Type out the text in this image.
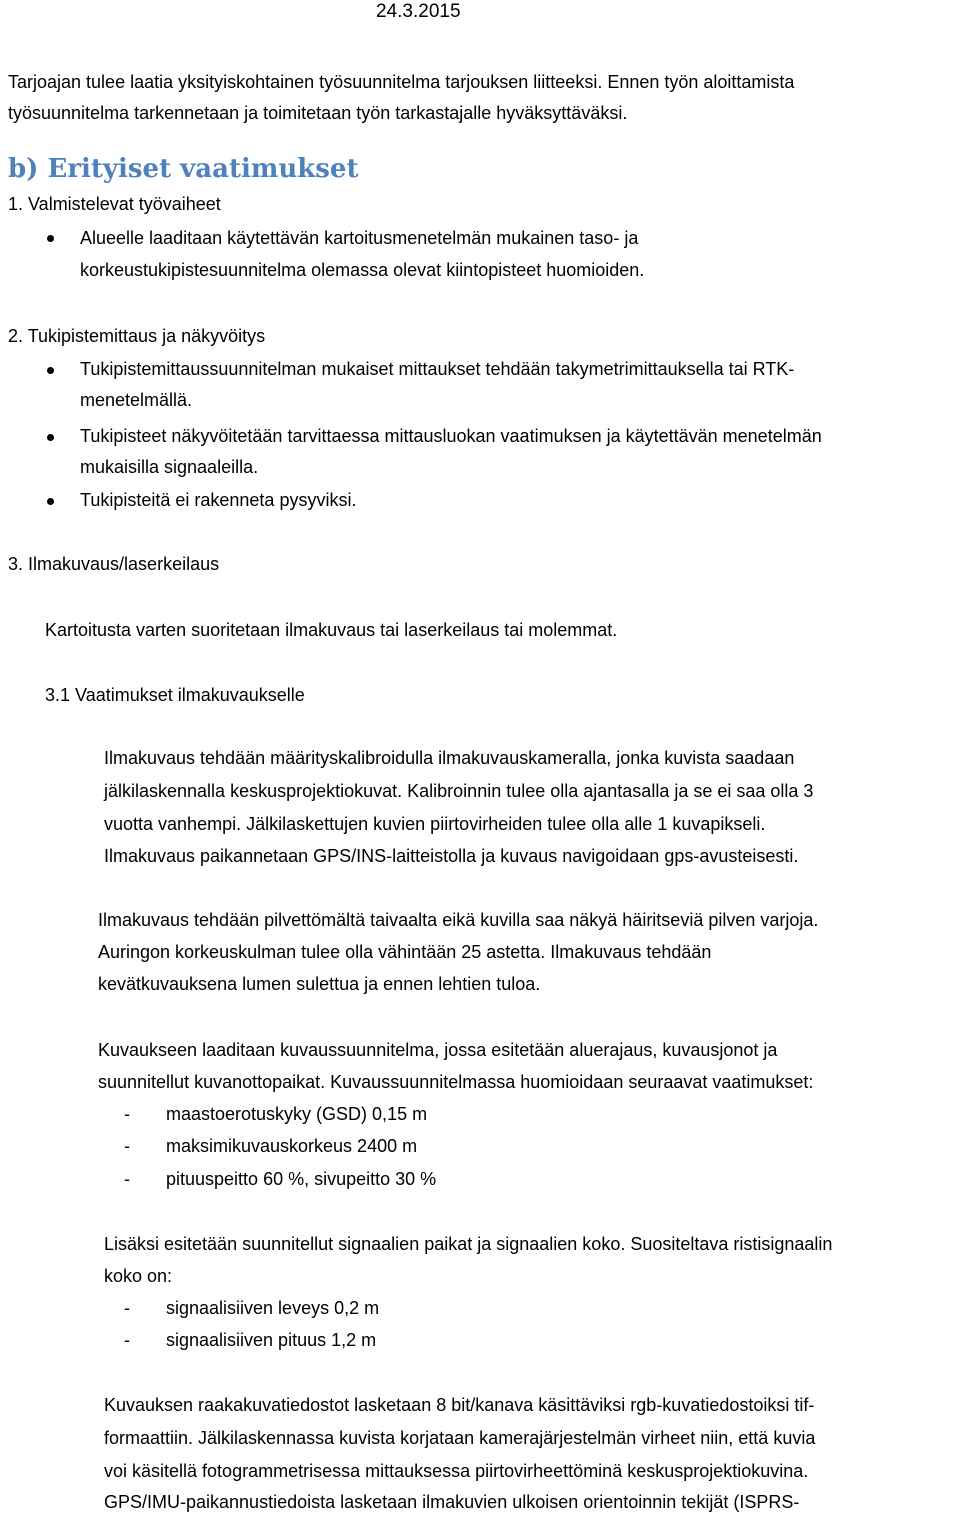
24.3.2015
Tarjoajan tulee laatia yksityiskohtainen työsuunnitelma tarjouksen liitteeksi. Ennen työn aloittamista
työsuunnitelma tarkennetaan ja toimitetaan työn tarkastajalle hyväksyttäväksi.
b) Erityiset vaatimukset
1. Valmistelevat työvaiheet
Alueelle laaditaan käytettävän kartoitusmenetelmän mukainen taso- ja
korkeustukipistesuunnitelma olemassa olevat kiintopisteet huomioiden.
2. Tukipistemittaus ja näkyvöitys
Tukipistemittaussuunnitelman mukaiset mittaukset tehdään takymetrimittauksella tai RTK-
menetelmällä.
Tukipisteet näkyvöitetään tarvittaessa mittausluokan vaatimuksen ja käytettävän menetelmän
mukaisilla signaaleilla.
Tukipisteitä ei rakenneta pysyviksi.
3. Ilmakuvaus/laserkeilaus
Kartoitusta varten suoritetaan ilmakuvaus tai laserkeilaus tai molemmat.
3.1 Vaatimukset ilmakuvaukselle
Ilmakuvaus tehdään määrityskalibroidulla ilmakuvauskameralla, jonka kuvista saadaan
jälkilaskennalla keskusprojektiokuvat. Kalibroinnin tulee olla ajantasalla ja se ei saa olla 3
vuotta vanhempi. Jälkilaskettujen kuvien piirtovirheiden tulee olla alle 1 kuvapikseli.
Ilmakuvaus paikannetaan GPS/INS-laitteistolla ja kuvaus navigoidaan gps-avusteisesti.
Ilmakuvaus tehdään pilvettömältä taivaalta eikä kuvilla saa näkyä häiritseviä pilven varjoja.
Auringon korkeuskulman tulee olla vähintään 25 astetta. Ilmakuvaus tehdään
kevätkuvauksena lumen sulettua ja ennen lehtien tuloa.
Kuvaukseen laaditaan kuvaussuunnitelma, jossa esitetään aluerajaus, kuvausjonot ja
suunnitellut kuvanottopaikat. Kuvaussuunnitelmassa huomioidaan seuraavat vaatimukset:
- maastoerotuskyky (GSD) 0,15 m
- maksimikuvauskorkeus 2400 m
- pituuspeitto 60 %, sivupeitto 30 %
Lisäksi esitetään suunnitellut signaalien paikat ja signaalien koko. Suositeltava ristisignaalin
koko on:
- signaalisiiven leveys 0,2 m
- signaalisiiven pituus 1,2 m
Kuvauksen raakakuvatiedostot lasketaan 8 bit/kanava käsittäviksi rgb-kuvatiedostoiksi tif-
formaattiin. Jälkilaskennassa kuvista korjataan kamerajärjestelmän virheet niin, että kuvia
voi käsitellä fotogrammetrisessa mittauksessa piirtovirheettöminä keskusprojektiokuvina.
GPS/IMU-paikannustiedoista lasketaan ilmakuvien ulkoisen orientoinnin tekijät (ISPRS-
